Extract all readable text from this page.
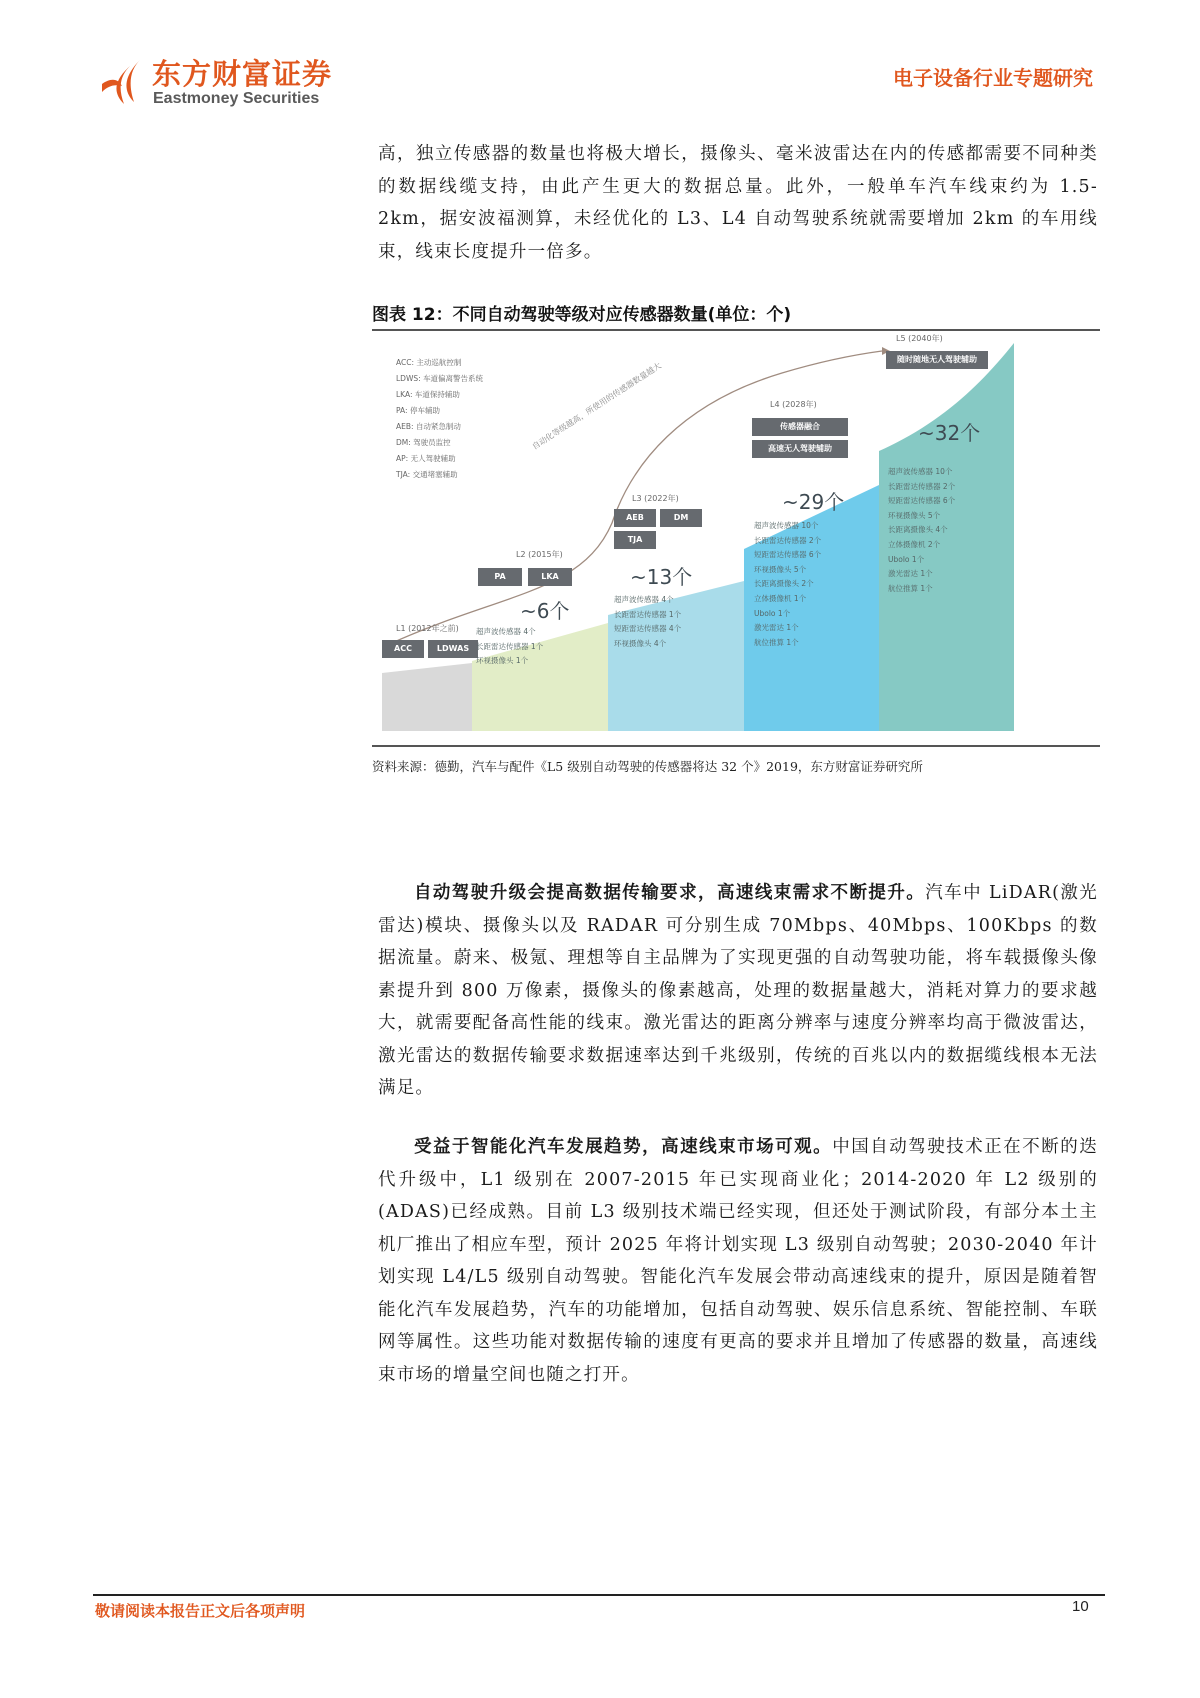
东方财富证券
Eastmoney Securities
电子设备行业专题研究
高，独立传感器的数量也将极大增长，摄像头、毫米波雷达在内的传感都需要不同种类的数据线缆支持，由此产生更大的数据总量。此外，一般单车汽车线束约为 1.5-2km，据安波福测算，未经优化的 L3、L4 自动驾驶系统就需要增加 2km 的车用线束，线束长度提升一倍多。
图表 12：不同自动驾驶等级对应传感器数量(单位：个)
ACC: 主动巡航控制
LDWS: 车道偏离警告系统
LKA: 车道保持辅助
PA: 停车辅助
AEB: 自动紧急制动
DM: 驾驶员监控
AP: 无人驾驶辅助
TJA: 交通堵塞辅助
自动化等级越高，所使用的传感器数量越大
L1 (2012年之前)
ACC	LDWAS
L2 (2015年)
PA	LKA
~6个
超声波传感器 4个
长距雷达传感器 1个
环视摄像头 1个
L3 (2022年)
AEB	DM
TJA
~13个
超声波传感器 4个
长距雷达传感器 1个
短距雷达传感器 4个
环视摄像头 4个
L4 (2028年)
传感器融合
高速无人驾驶辅助
~29个
超声波传感器 10个
长距雷达传感器 2个
短距雷达传感器 6个
环视摄像头 5个
长距离摄像头 2个
立体摄像机 1个
Ubolo 1个
激光雷达 1个
航位推算 1个
L5 (2040年)
随时随地无人驾驶辅助
~32个
超声波传感器 10个
长距雷达传感器 2个
短距雷达传感器 6个
环视摄像头 5个
长距离摄像头 4个
立体摄像机 2个
Ubolo 1个
激光雷达 1个
航位推算 1个
资料来源：德勤，汽车与配件《L5 级别自动驾驶的传感器将达 32 个》2019，东方财富证券研究所
自动驾驶升级会提高数据传输要求，高速线束需求不断提升。汽车中 LiDAR(激光雷达)模块、摄像头以及 RADAR 可分别生成 70Mbps、40Mbps、100Kbps 的数据流量。蔚来、极氪、理想等自主品牌为了实现更强的自动驾驶功能，将车载摄像头像素提升到 800 万像素，摄像头的像素越高，处理的数据量越大，消耗对算力的要求越大，就需要配备高性能的线束。激光雷达的距离分辨率与速度分辨率均高于微波雷达，激光雷达的数据传输要求数据速率达到千兆级别，传统的百兆以内的数据缆线根本无法满足。
受益于智能化汽车发展趋势，高速线束市场可观。中国自动驾驶技术正在不断的迭代升级中，L1 级别在 2007-2015 年已实现商业化；2014-2020 年 L2 级别的(ADAS)已经成熟。目前 L3 级别技术端已经实现，但还处于测试阶段，有部分本土主机厂推出了相应车型，预计 2025 年将计划实现 L3 级别自动驾驶；2030-2040 年计划实现 L4/L5 级别自动驾驶。智能化汽车发展会带动高速线束的提升，原因是随着智能化汽车发展趋势，汽车的功能增加，包括自动驾驶、娱乐信息系统、智能控制、车联网等属性。这些功能对数据传输的速度有更高的要求并且增加了传感器的数量，高速线束市场的增量空间也随之打开。
敬请阅读本报告正文后各项声明	10
